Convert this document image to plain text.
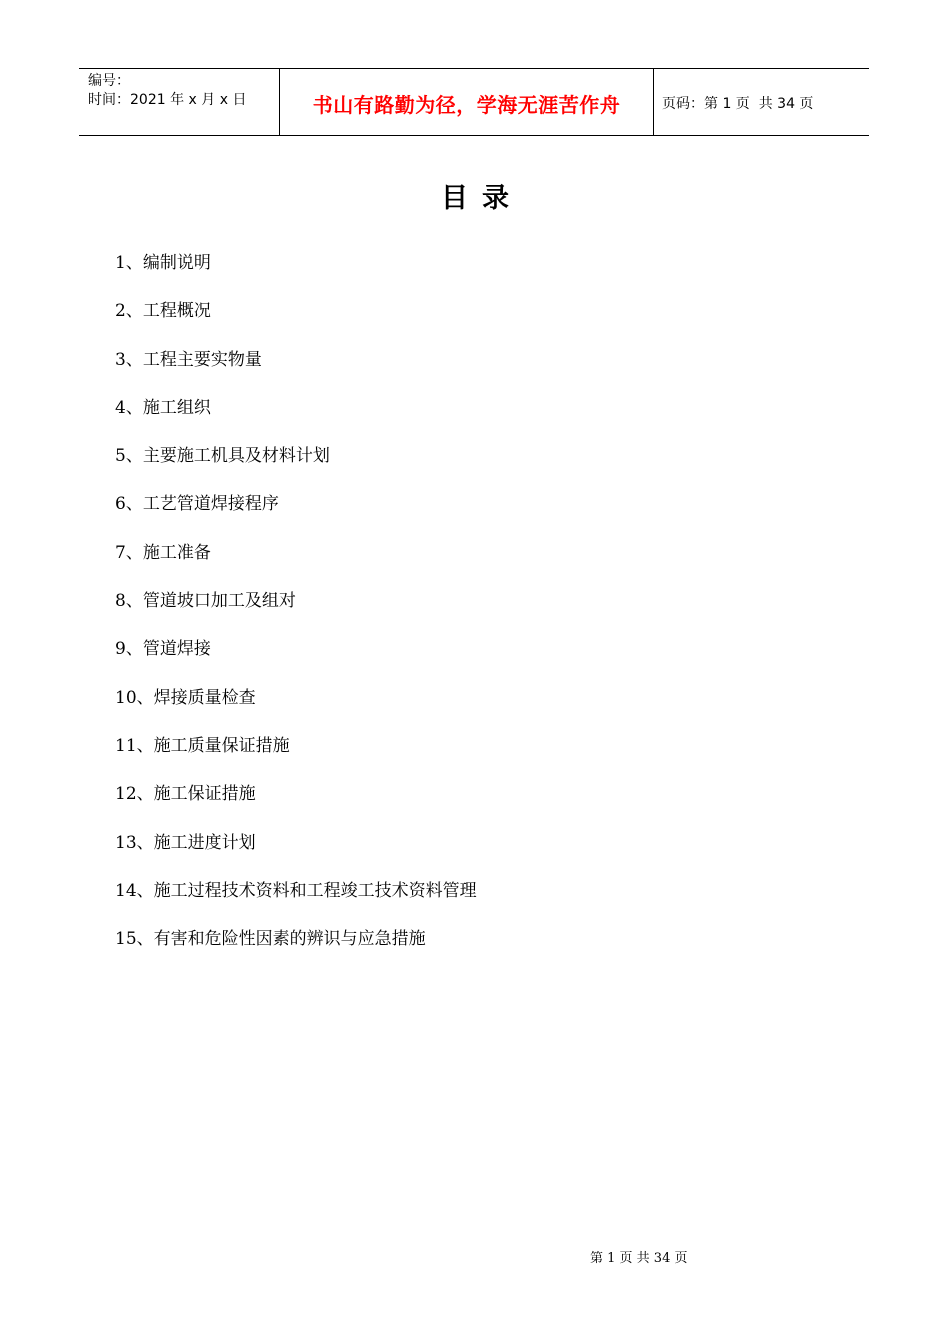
编号：
时间：2021 年 x 月 x 日	书山有路勤为径，学海无涯苦作舟	页码：第 1 页  共 34 页
目录
1、编制说明
2、工程概况
3、工程主要实物量
4、施工组织
5、主要施工机具及材料计划
6、工艺管道焊接程序
7、施工准备
8、管道坡口加工及组对
9、管道焊接
10、焊接质量检查
11、施工质量保证措施
12、施工保证措施
13、施工进度计划
14、施工过程技术资料和工程竣工技术资料管理
15、有害和危险性因素的辨识与应急措施
第 1 页 共 34 页
